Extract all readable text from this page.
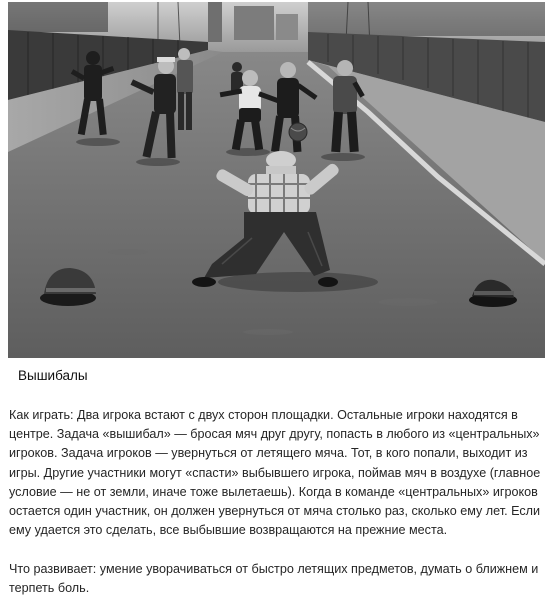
Вышибалы

Как играть: Два игрока встают с двух сторон площадки. Остальные игроки находятся в центре. Задача «вышибал» — бросая мяч друг другу, попасть в любого из «центральных» игроков. Задача игроков — увернуться от летящего мяча. Тот, в кого попали, выходит из игры. Другие участники могут «спасти» выбывшего игрока, поймав мяч в воздухе (главное условие — не от земли, иначе тоже вылетаешь). Когда в команде «центральных» игроков остается один участник, он должен увернуться от мяча столько раз, сколько ему лет. Если ему удается это сделать, все выбывшие возвращаются на прежние места.

Что развивает: умение уворачиваться от быстро летящих предметов, думать о ближнем и терпеть боль.
